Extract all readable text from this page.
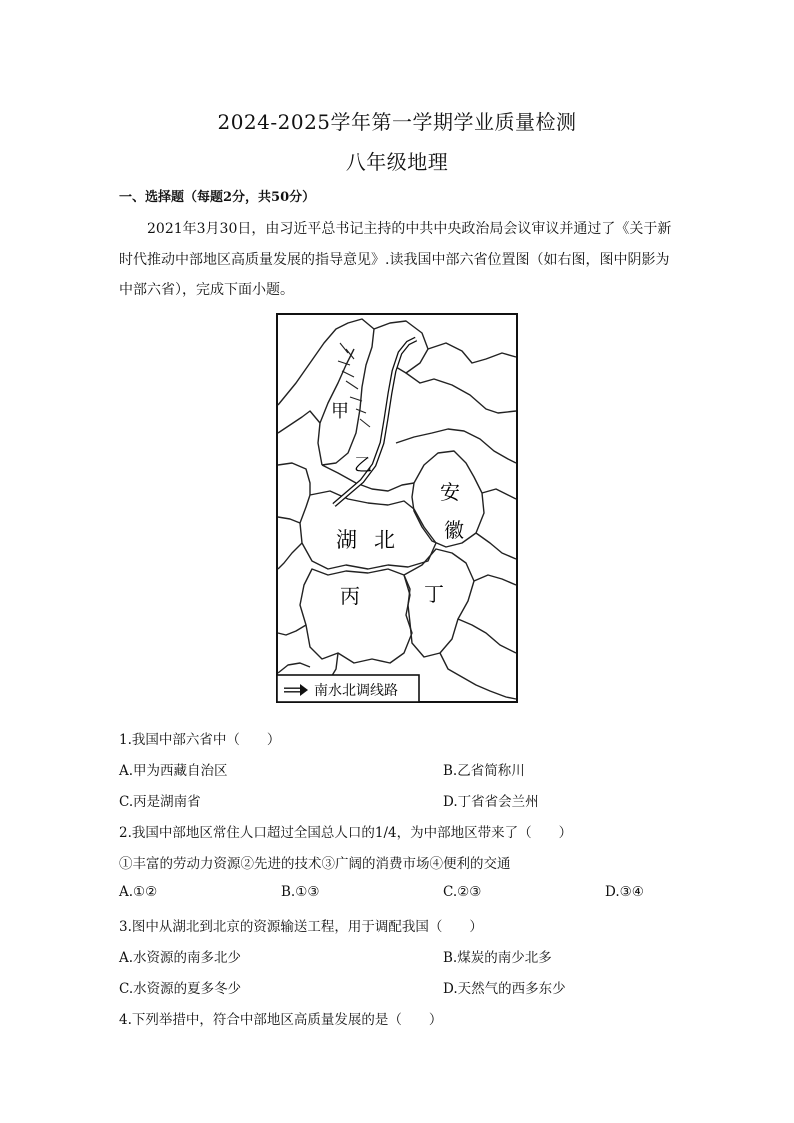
2024-2025学年第一学期学业质量检测
八年级地理
一、选择题（每题2分，共50分）
2021年3月30日，由习近平总书记主持的中共中央政治局会议审议并通过了《关于新时代推动中部地区高质量发展的指导意见》.读我国中部六省位置图（如右图，图中阴影为中部六省），完成下面小题。
甲
乙
湖 北
安
徽
丙	丁
南水北调线路
1.我国中部六省中（　　）
A.甲为西藏自治区	B.乙省简称川
C.丙是湖南省	D.丁省省会兰州
2.我国中部地区常住人口超过全国总人口的1/4，为中部地区带来了（　　）
①丰富的劳动力资源②先进的技术③广阔的消费市场④便利的交通
A.①②	B.①③	C.②③	D.③④
3.图中从湖北到北京的资源输送工程，用于调配我国（　　）
A.水资源的南多北少	B.煤炭的南少北多
C.水资源的夏多冬少	D.天然气的西多东少
4.下列举措中，符合中部地区高质量发展的是（　　）
